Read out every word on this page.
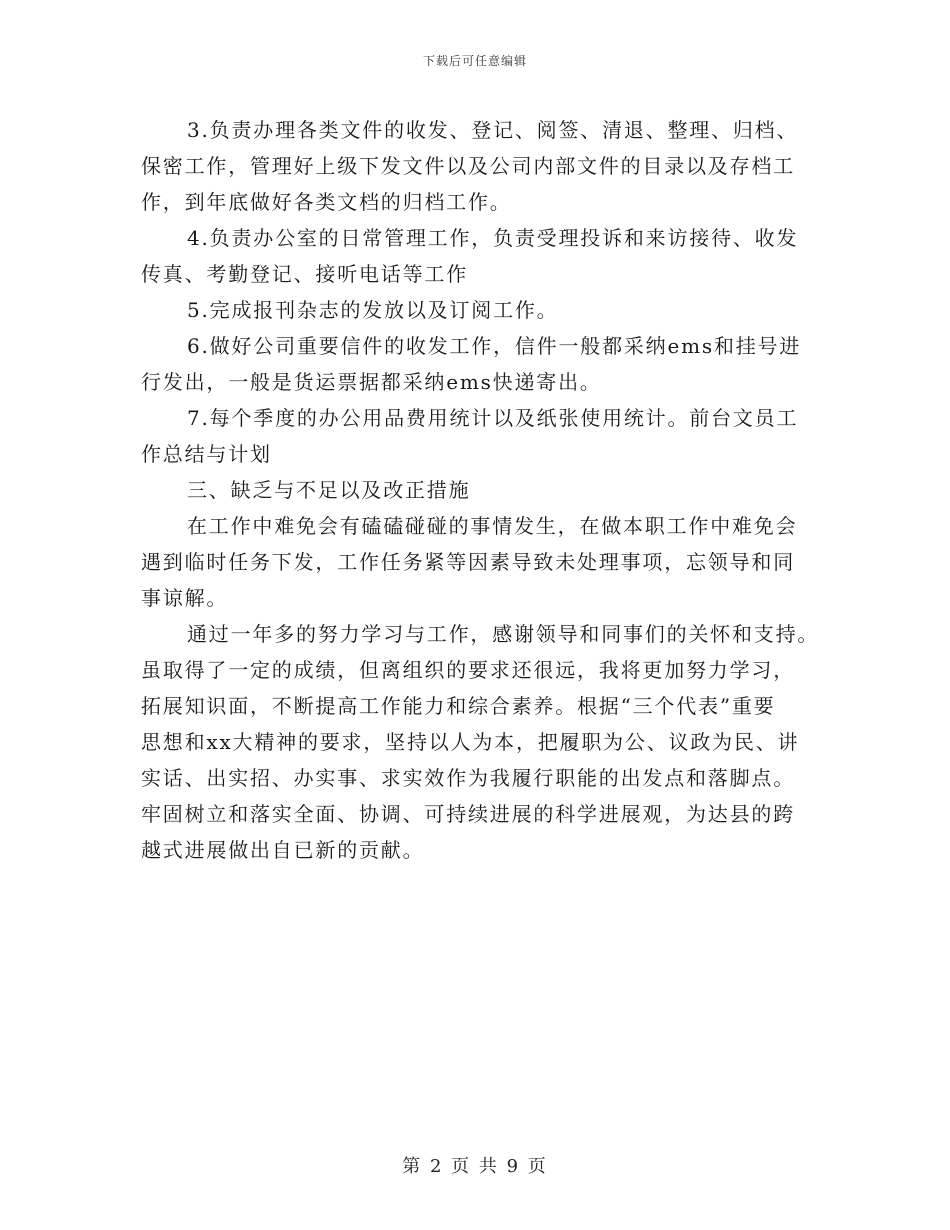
下载后可任意编辑
3.负责办理各类文件的收发、登记、阅签、清退、整理、归档、
保密工作，管理好上级下发文件以及公司内部文件的目录以及存档工
作，到年底做好各类文档的归档工作。
4.负责办公室的日常管理工作，负责受理投诉和来访接待、收发
传真、考勤登记、接听电话等工作
5.完成报刊杂志的发放以及订阅工作。
6.做好公司重要信件的收发工作，信件一般都采纳ems和挂号进
行发出，一般是货运票据都采纳ems快递寄出。
7.每个季度的办公用品费用统计以及纸张使用统计。前台文员工
作总结与计划
三、缺乏与不足以及改正措施
在工作中难免会有磕磕碰碰的事情发生，在做本职工作中难免会
遇到临时任务下发，工作任务紧等因素导致未处理事项，忘领导和同
事谅解。
通过一年多的努力学习与工作，感谢领导和同事们的关怀和支持。
虽取得了一定的成绩，但离组织的要求还很远，我将更加努力学习，
拓展知识面，不断提高工作能力和综合素养。根据“三个代表”重要
思想和xx大精神的要求，坚持以人为本，把履职为公、议政为民、讲
实话、出实招、办实事、求实效作为我履行职能的出发点和落脚点。
牢固树立和落实全面、协调、可持续进展的科学进展观，为达县的跨
越式进展做出自已新的贡献。
第 2 页 共 9 页
